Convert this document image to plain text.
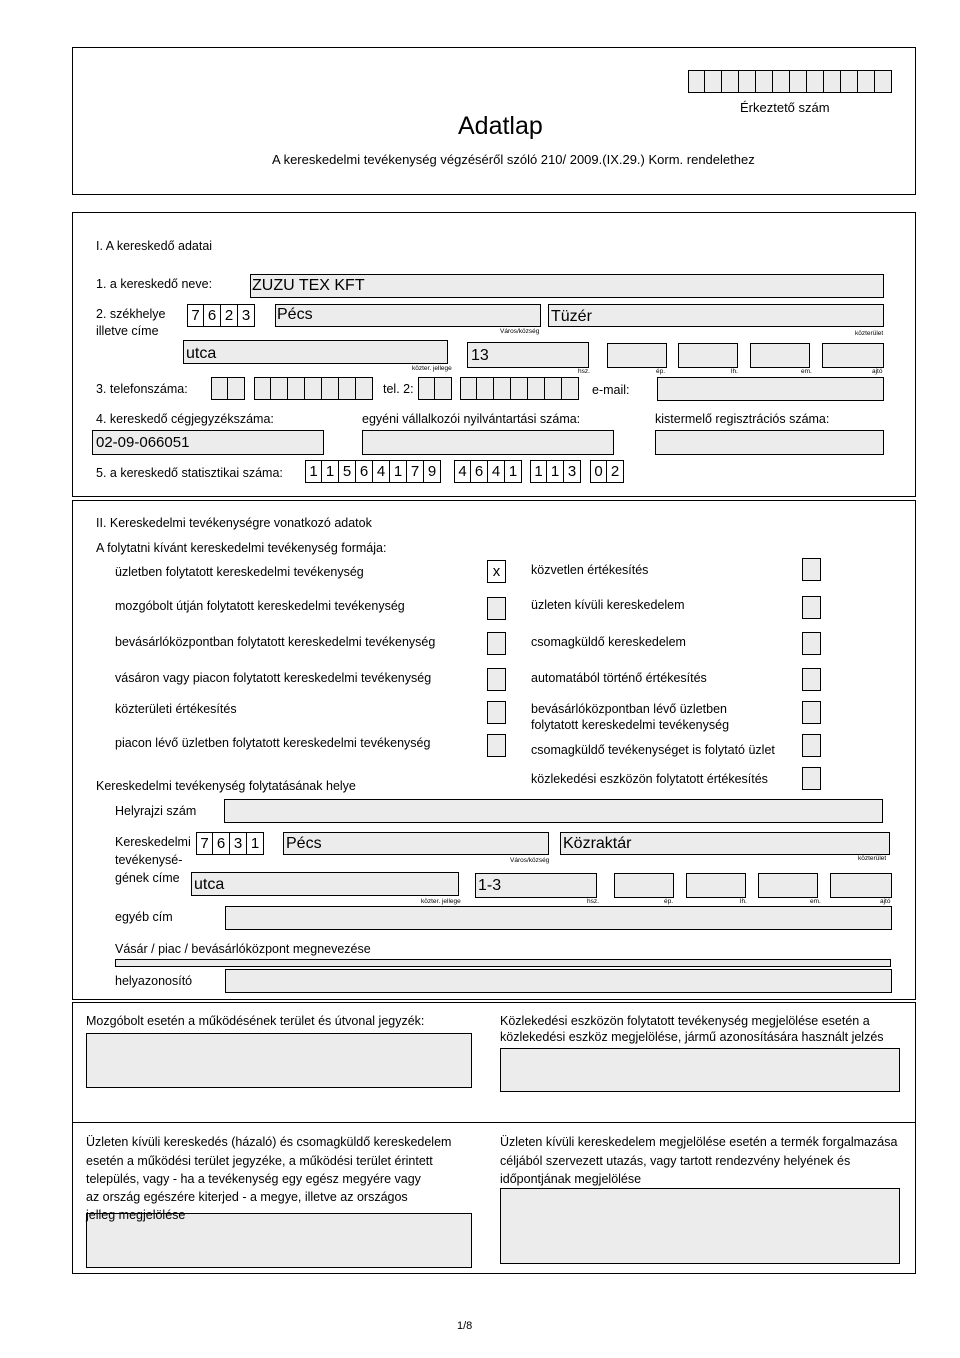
Érkeztető szám
Adatlap
A kereskedelmi tevékenység végzéséről szóló 210/ 2009.(IX.29.) Korm. rendelethez
I. A kereskedő adatai
1. a kereskedő neve: ZUZU TEX KFT
2. székhelye
illetve címe
7 6 2 3	Pécs
Város/község
Tüzér
közterület
utca
közter. jellege
13
hsz.	ép.	lh.	em.	ajtó
3. telefonszáma:	tel. 2:	e-mail:
4. kereskedő cégjegyzékszáma:
02-09-066051
egyéni vállalkozói nyilvántartási száma:	kistermelő regisztrációs száma:
5. a kereskedő statisztikai száma: 1 1 5 6 4 1 7 9	4 6 4 1	1 1 3	0 2
II. Kereskedelmi tevékenységre vonatkozó adatok
A folytatni kívánt kereskedelmi tevékenység formája:
üzletben folytatott kereskedelmi tevékenység	x
mozgóbolt útján folytatott kereskedelmi tevékenység
bevásárlóközpontban folytatott kereskedelmi tevékenység
vásáron vagy piacon folytatott kereskedelmi tevékenység
közterületi értékesítés
piacon lévő üzletben folytatott kereskedelmi tevékenység
közvetlen értékesítés
üzleten kívüli kereskedelem
csomagküldő kereskedelem
automatából történő értékesítés
bevásárlóközpontban lévő üzletben
folytatott kereskedelmi tevékenység
csomagküldő tevékenységet is folytató üzlet
közlekedési eszközön folytatott értékesítés
Kereskedelmi tevékenység folytatásának helye
Helyrajzi szám
Kereskedelmi
tevékenysé-
gének címe
7 6 3 1	Pécs
Város/község
Közraktár
közterület
utca
közter. jellege
1-3
hsz.	ép.	lh.	em.	ajtó
egyéb cím
Vásár / piac / bevásárlóközpont megnevezése
helyazonosító
Mozgóbolt esetén a működésének terület és útvonal jegyzék:	Közlekedési eszközön folytatott tevékenység megjelölése esetén a
közlekedési eszköz megjelölése, jármű azonosítására használt jelzés
Üzleten kívüli kereskedés (házaló) és csomagküldő kereskedelem
esetén a működési terület jegyzéke, a működési terület érintett
település, vagy - ha a tevékenység egy egész megyére vagy
az ország egészére kiterjed - a megye, illetve az országos
jelleg megjelölése
Üzleten kívüli kereskedelem megjelölése esetén a termék forgalmazása
céljából szervezett utazás, vagy tartott rendezvény helyének és
időpontjának megjelölése
1/8
